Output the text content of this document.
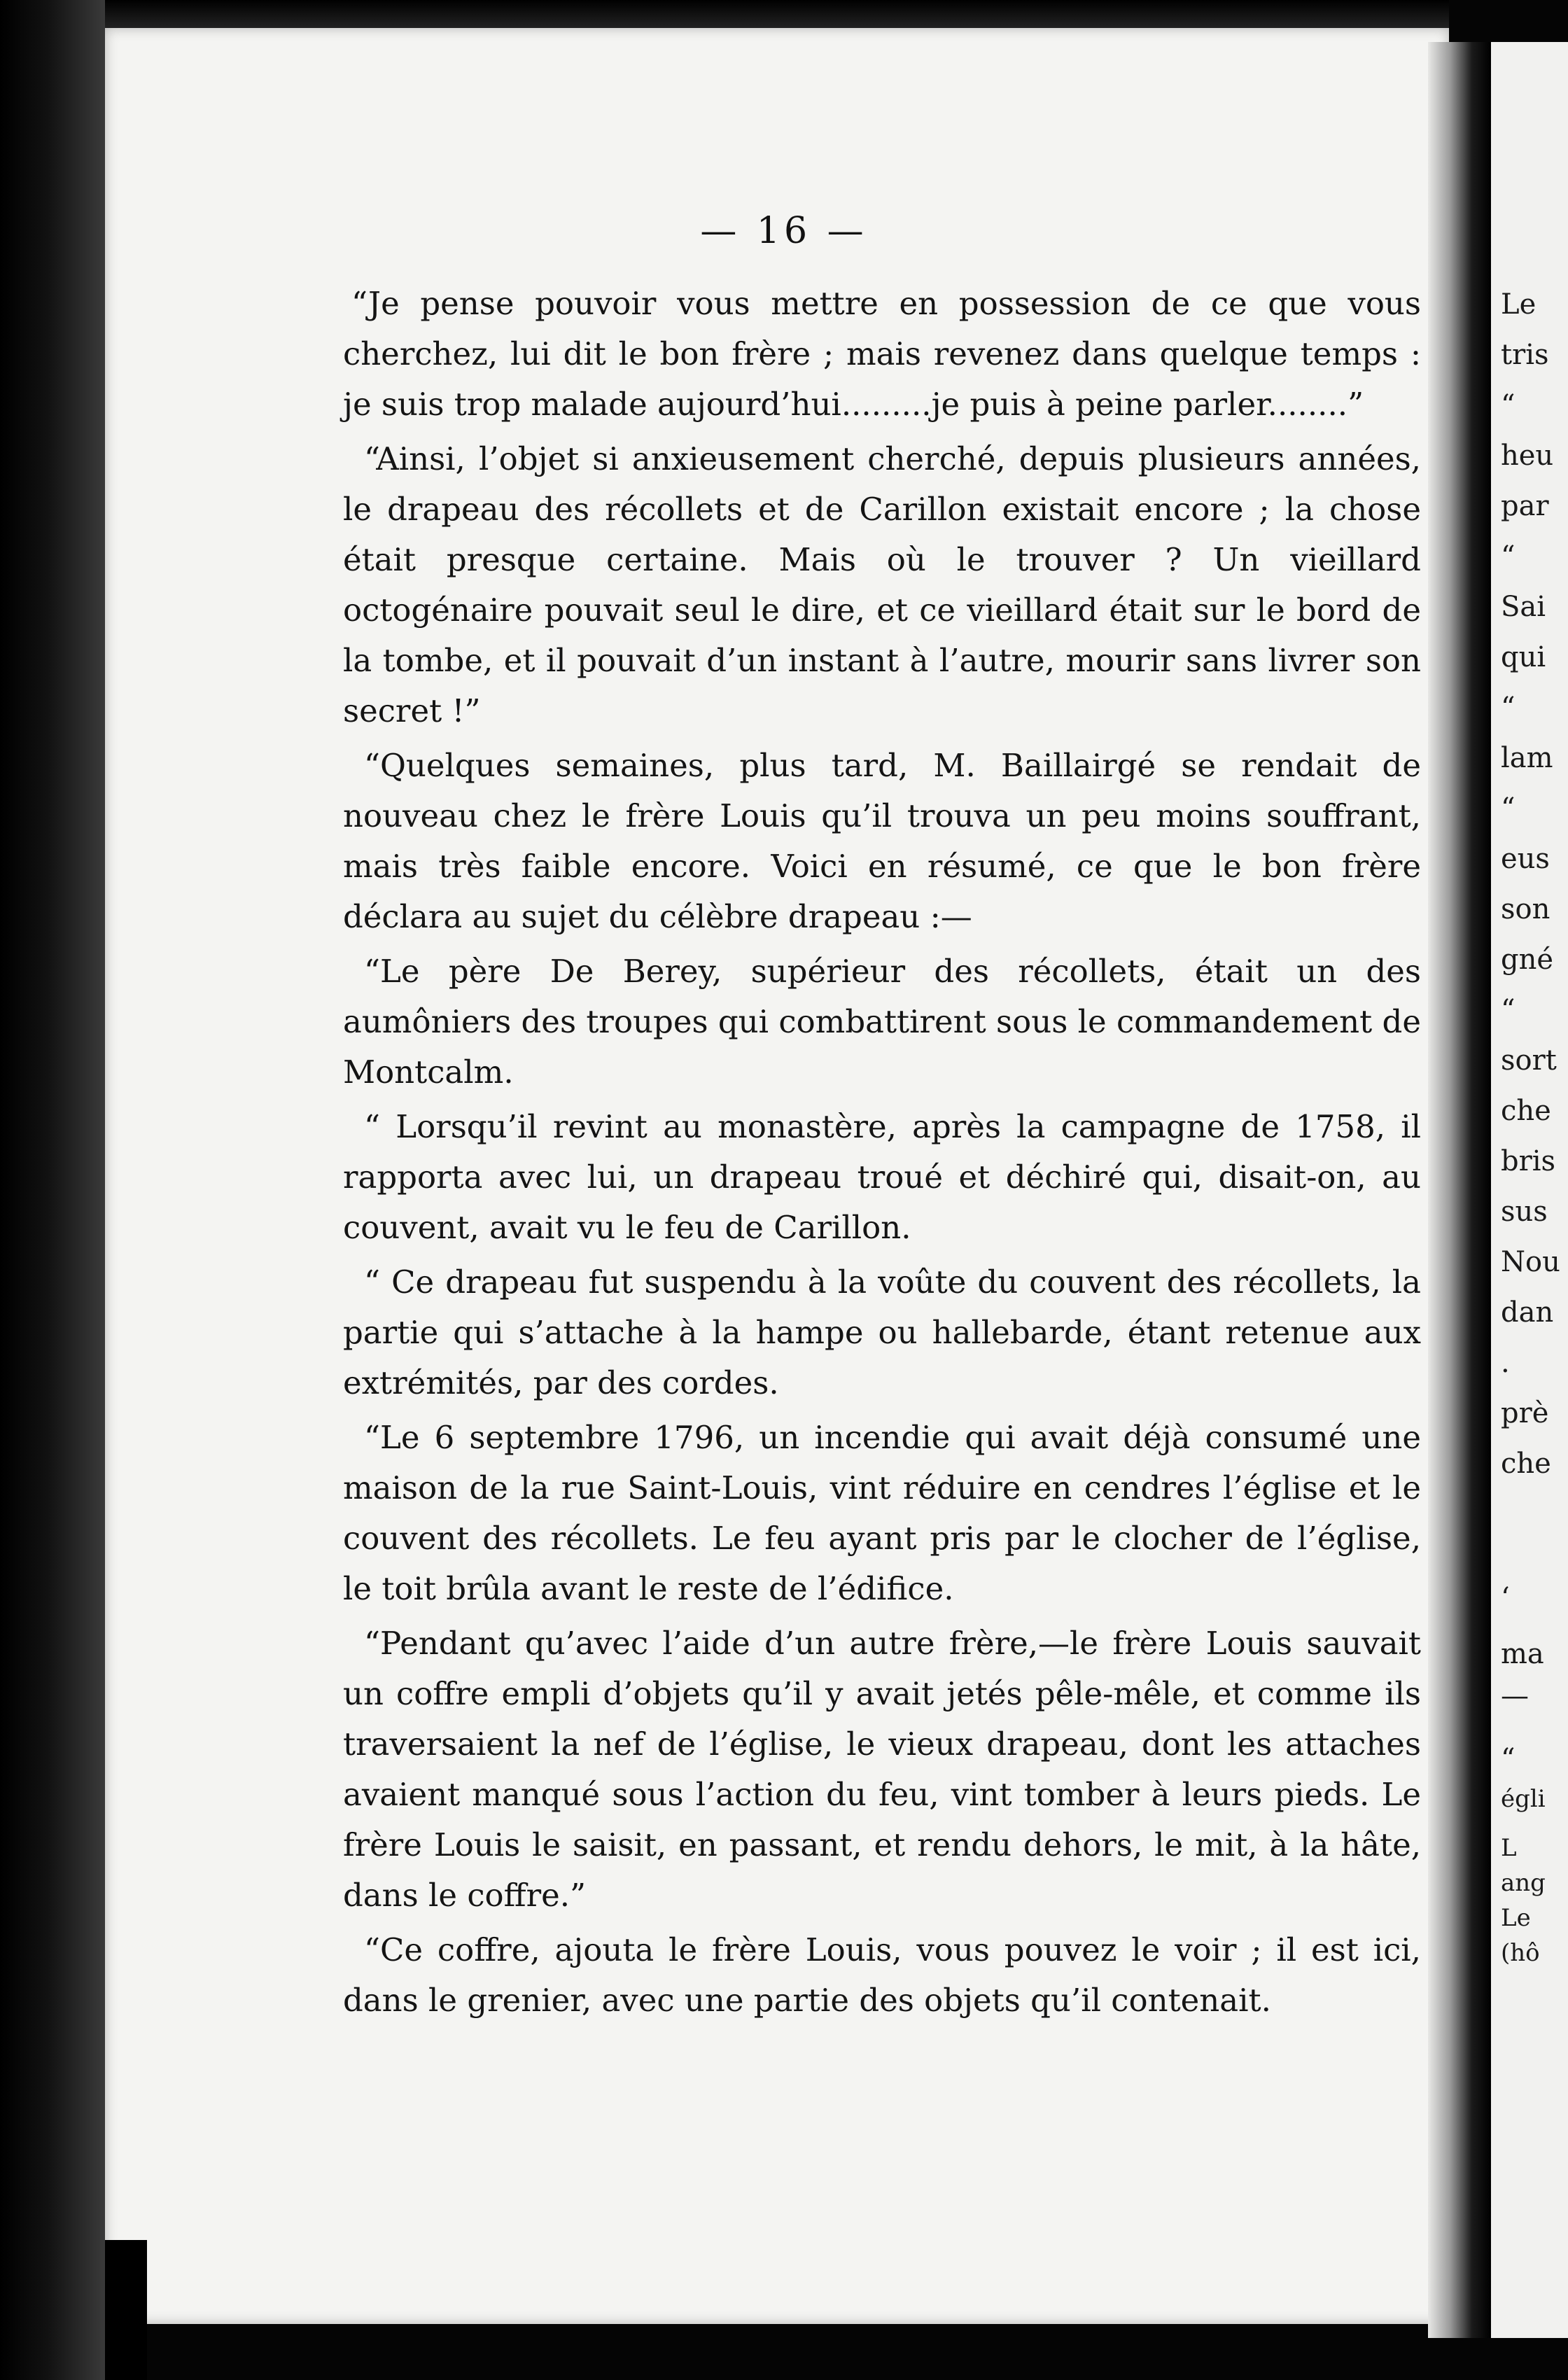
— 16 —

“Je pense pouvoir vous mettre en possession de ce que vous cherchez, lui dit le bon frère ; mais revenez dans quelque temps : je suis trop malade aujourd’hui.........je puis à peine parler........”

“Ainsi, l’objet si anxieusement cherché, depuis plusieurs années, le drapeau des récollets et de Carillon existait encore ; la chose était presque certaine. Mais où le trouver ? Un vieillard octogénaire pouvait seul le dire, et ce vieillard était sur le bord de la tombe, et il pouvait d’un instant à l’autre, mourir sans livrer son secret !”

“Quelques semaines, plus tard, M. Baillairgé se rendait de nouveau chez le frère Louis qu’il trouva un peu moins souffrant, mais très faible encore. Voici en résumé, ce que le bon frère déclara au sujet du célèbre drapeau :—

“Le père De Berey, supérieur des récollets, était un des aumôniers des troupes qui combattirent sous le commandement de Montcalm.

“ Lorsqu’il revint au monastère, après la campagne de 1758, il rapporta avec lui, un drapeau troué et déchiré qui, disait-on, au couvent, avait vu le feu de Carillon.

“ Ce drapeau fut suspendu à la voûte du couvent des récollets, la partie qui s’attache à la hampe ou hallebarde, étant retenue aux extrémités, par des cordes.

“Le 6 septembre 1796, un incendie qui avait déjà consumé une maison de la rue Saint-Louis, vint réduire en cendres l’église et le couvent des récollets. Le feu ayant pris par le clocher de l’église, le toit brûla avant le reste de l’édifice.

“Pendant qu’avec l’aide d’un autre frère,—le frère Louis sauvait un coffre empli d’objets qu’il y avait jetés pêle-mêle, et comme ils traversaient la nef de l’église, le vieux drapeau, dont les attaches avaient manqué sous l’action du feu, vint tomber à leurs pieds. Le frère Louis le saisit, en passant, et rendu dehors, le mit, à la hâte, dans le coffre.”

“Ce coffre, ajouta le frère Louis, vous pouvez le voir ; il est ici, dans le grenier, avec une partie des objets qu’il contenait.

Le
tris
“
heu
par
“
Sai
qui
“
lam
“
eus
son
gné
“
sort
che
bris
sus
Nou
dan
.
prè
che
‘
ma
—
“
égli
L
ang
Le
(hô
